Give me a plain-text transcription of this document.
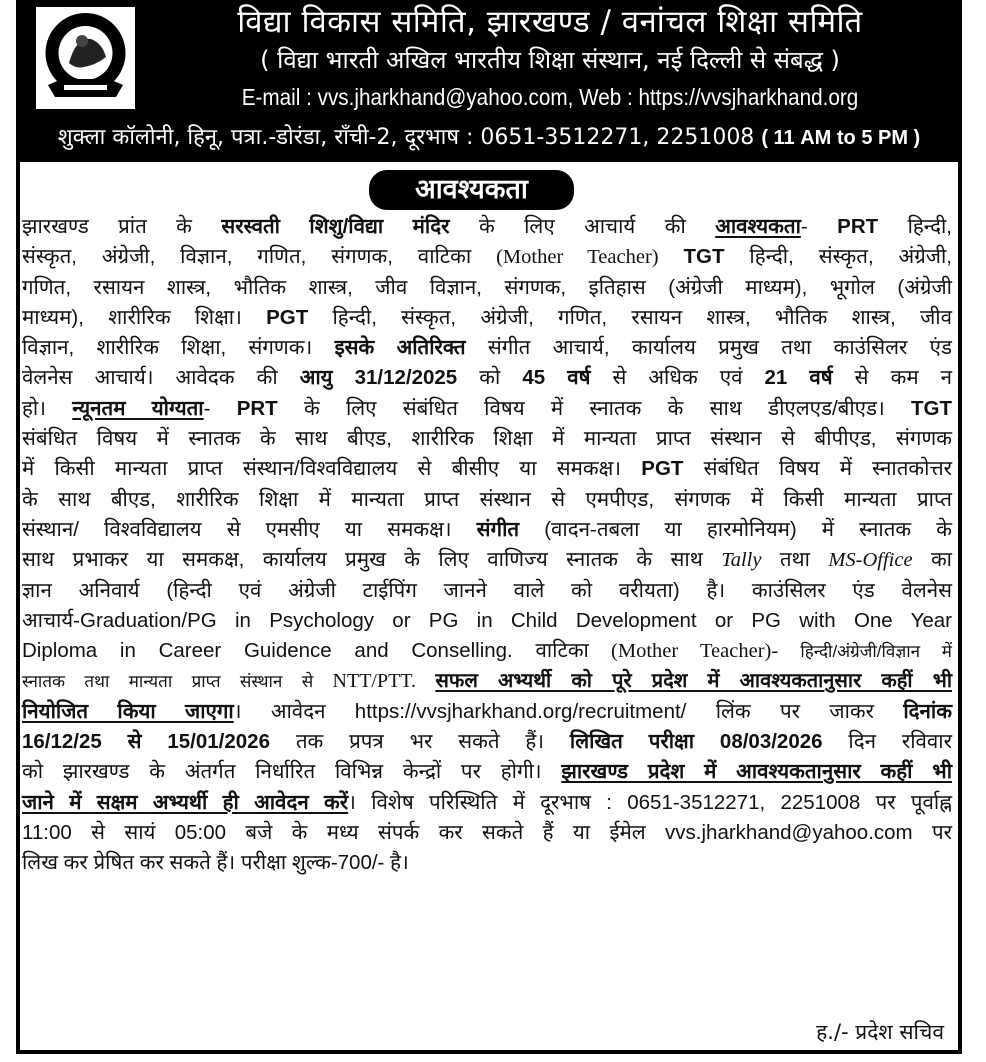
विद्या विकास समिति, झारखण्ड / वनांचल शिक्षा समिति
( विद्या भारती अखिल भारतीय शिक्षा संस्थान, नई दिल्ली से संबद्ध )
E-mail : vvs.jharkhand@yahoo.com, Web : https://vvsjharkhand.org
शुक्ला कॉलोनी, हिनू, पत्रा.-डोरंडा, राँची-2, दूरभाष : 0651-3512271, 2251008 ( 11 AM to 5 PM )
आवश्यकता
झारखण्ड प्रांत के सरस्वती शिशु/विद्या मंदिर के लिए आचार्य की आवश्यकता- PRT हिन्दी,
संस्कृत, अंग्रेजी, विज्ञान, गणित, संगणक, वाटिका (Mother Teacher) TGT हिन्दी, संस्कृत, अंग्रेजी,
गणित, रसायन शास्त्र, भौतिक शास्त्र, जीव विज्ञान, संगणक, इतिहास (अंग्रेजी माध्यम), भूगोल (अंग्रेजी
माध्यम), शारीरिक शिक्षा। PGT हिन्दी, संस्कृत, अंग्रेजी, गणित, रसायन शास्त्र, भौतिक शास्त्र, जीव
विज्ञान, शारीरिक शिक्षा, संगणक। इसके अतिरिक्त संगीत आचार्य, कार्यालय प्रमुख तथा काउंसिलर एंड
वेलनेस आचार्य। आवेदक की आयु 31/12/2025 को 45 वर्ष से अधिक एवं 21 वर्ष से कम न
हो। न्यूनतम योग्यता- PRT के लिए संबंधित विषय में स्नातक के साथ डीएलएड/बीएड। TGT
संबंधित विषय में स्नातक के साथ बीएड, शारीरिक शिक्षा में मान्यता प्राप्त संस्थान से बीपीएड, संगणक
में किसी मान्यता प्राप्त संस्थान/विश्वविद्यालय से बीसीए या समकक्ष। PGT संबंधित विषय में स्नातकोत्तर
के साथ बीएड, शारीरिक शिक्षा में मान्यता प्राप्त संस्थान से एमपीएड, संगणक में किसी मान्यता प्राप्त
संस्थान/ विश्वविद्यालय से एमसीए या समकक्ष। संगीत (वादन-तबला या हारमोनियम) में स्नातक के
साथ प्रभाकर या समकक्ष, कार्यालय प्रमुख के लिए वाणिज्य स्नातक के साथ Tally तथा MS-Office का
ज्ञान अनिवार्य (हिन्दी एवं अंग्रेजी टाईपिंग जानने वाले को वरीयता) है। काउंसिलर एंड वेलनेस
आचार्य-Graduation/PG in Psychology or PG in Child Development or PG with One Year
Diploma in Career Guidence and Conselling. वाटिका (Mother Teacher)- हिन्दी/अंग्रेजी/विज्ञान में
स्नातक तथा मान्यता प्राप्त संस्थान से NTT/PTT. सफल अभ्यर्थी को पूरे प्रदेश में आवश्यकतानुसार कहीं भी
नियोजित किया जाएगा। आवेदन https://vvsjharkhand.org/recruitment/ लिंक पर जाकर दिनांक
16/12/25 से 15/01/2026 तक प्रपत्र भर सकते हैं। लिखित परीक्षा 08/03/2026 दिन रविवार
को झारखण्ड के अंतर्गत निर्धारित विभिन्न केन्द्रों पर होगी। झारखण्ड प्रदेश में आवश्यकतानुसार कहीं भी
जाने में सक्षम अभ्यर्थी ही आवेदन करें। विशेष परिस्थिति में दूरभाष : 0651-3512271, 2251008 पर पूर्वाह्न
11:00 से सायं 05:00 बजे के मध्य संपर्क कर सकते हैं या ईमेल vvs.jharkhand@yahoo.com पर
लिख कर प्रेषित कर सकते हैं। परीक्षा शुल्क-700/- है।
ह./- प्रदेश सचिव
